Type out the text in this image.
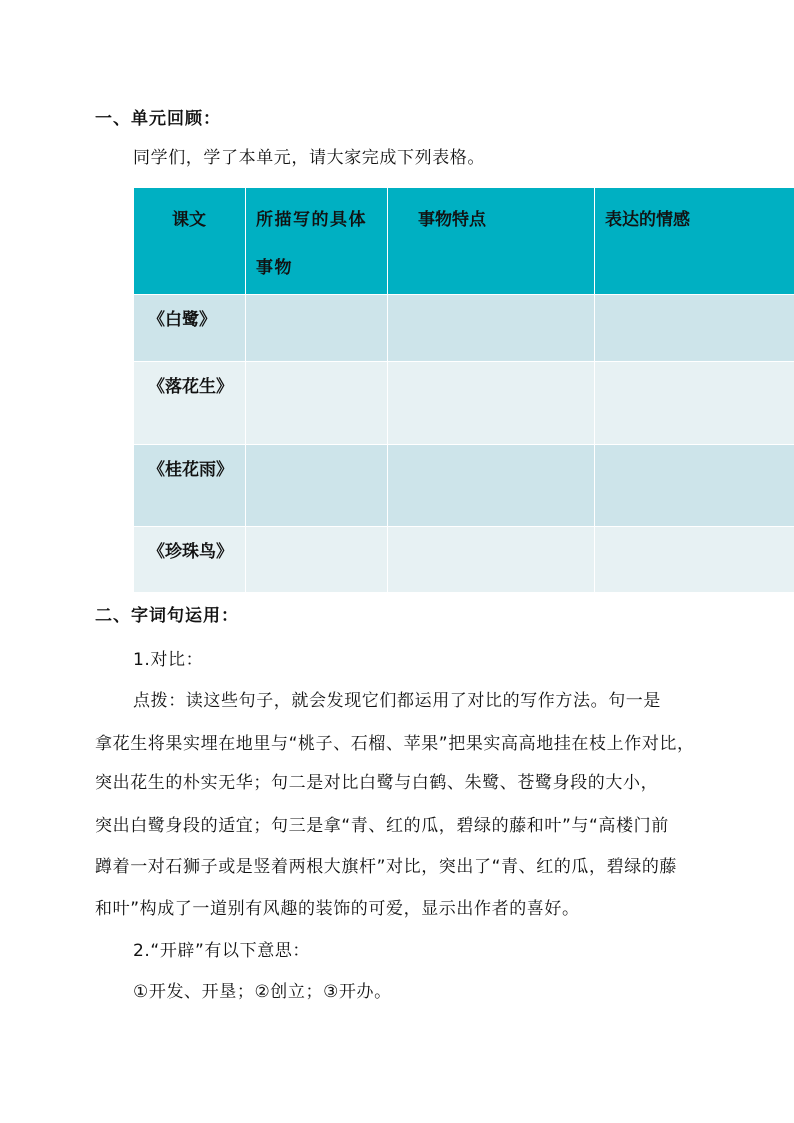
一、单元回顾：
同学们，学了本单元，请大家完成下列表格。
课文	所描写的具体事物	事物特点	表达的情感

《白鹭》			

《落花生》			

《桂花雨》			

《珍珠鸟》			

二、字词句运用：
1.对比：
点拨：读这些句子，就会发现它们都运用了对比的写作方法。句一是
拿花生将果实埋在地里与“桃子、石榴、苹果”把果实高高地挂在枝上作对比，
突出花生的朴实无华；句二是对比白鹭与白鹤、朱鹭、苍鹭身段的大小，
突出白鹭身段的适宜；句三是拿“青、红的瓜，碧绿的藤和叶”与“高楼门前
蹲着一对石狮子或是竖着两根大旗杆”对比，突出了“青、红的瓜，碧绿的藤
和叶”构成了一道别有风趣的装饰的可爱，显示出作者的喜好。
2.“开辟”有以下意思：
①开发、开垦；②创立；③开办。
